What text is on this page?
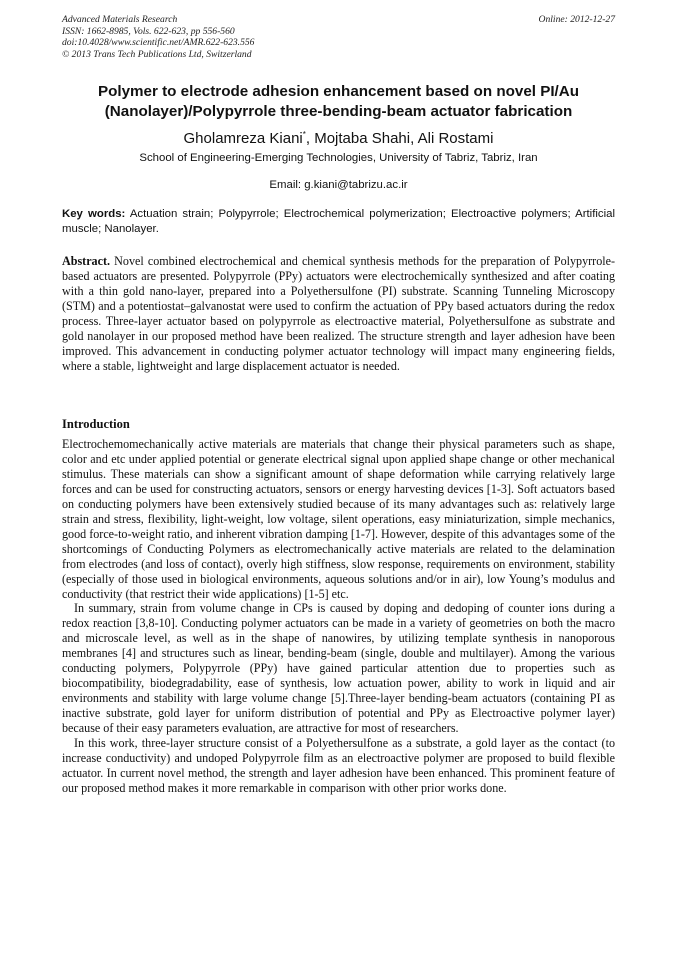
Advanced Materials Research
ISSN: 1662-8985, Vols. 622-623, pp 556-560
doi:10.4028/www.scientific.net/AMR.622-623.556
© 2013 Trans Tech Publications Ltd, Switzerland
Online: 2012-12-27
Polymer to electrode adhesion enhancement based on novel PI/Au
(Nanolayer)/Polypyrrole three-bending-beam actuator fabrication
Gholamreza Kiani*, Mojtaba Shahi, Ali Rostami
School of Engineering-Emerging Technologies, University of Tabriz, Tabriz, Iran
Email: g.kiani@tabrizu.ac.ir
Key words: Actuation strain; Polypyrrole; Electrochemical polymerization; Electroactive polymers; Artificial muscle; Nanolayer.
Abstract. Novel combined electrochemical and chemical synthesis methods for the preparation of Polypyrrole-based actuators are presented. Polypyrrole (PPy) actuators were electrochemically synthesized and after coating with a thin gold nano-layer, prepared into a Polyethersulfone (PI) substrate. Scanning Tunneling Microscopy (STM) and a potentiostat–galvanostat were used to confirm the actuation of PPy based actuators during the redox process. Three-layer actuator based on polypyrrole as electroactive material, Polyethersulfone as substrate and gold nanolayer in our proposed method have been realized. The structure strength and layer adhesion have been improved. This advancement in conducting polymer actuator technology will impact many engineering fields, where a stable, lightweight and large displacement actuator is needed.
Introduction

Electrochemomechanically active materials are materials that change their physical parameters such as shape, color and etc under applied potential or generate electrical signal upon applied shape change or other mechanical stimulus. These materials can show a significant amount of shape deformation while carrying relatively large forces and can be used for constructing actuators, sensors or energy harvesting devices [1-3]. Soft actuators based on conducting polymers have been extensively studied because of its many advantages such as: relatively large strain and stress, flexibility, light-weight, low voltage, silent operations, easy miniaturization, simple mechanics, good force-to-weight ratio, and inherent vibration damping [1-7]. However, despite of this advantages some of the shortcomings of Conducting Polymers as electromechanically active materials are related to the delamination from electrodes (and loss of contact), overly high stiffness, slow response, requirements on environment, stability (especially of those used in biological environments, aqueous solutions and/or in air), low Young’s modulus and conductivity (that restrict their wide applications) [1-5] etc.

In summary, strain from volume change in CPs is caused by doping and dedoping of counter ions during a redox reaction [3,8-10]. Conducting polymer actuators can be made in a variety of geometries on both the macro and microscale level, as well as in the shape of nanowires, by utilizing template synthesis in nanoporous membranes [4] and structures such as linear, bending-beam (single, double and multilayer). Among the various conducting polymers, Polypyrrole (PPy) have gained particular attention due to properties such as biocompatibility, biodegradability, ease of synthesis, low actuation power, ability to work in liquid and air environments and stability with large volume change [5].Three-layer bending-beam actuators (containing PI as inactive substrate, gold layer for uniform distribution of potential and PPy as Electroactive polymer layer) because of their easy parameters evaluation, are attractive for most of researchers.

In this work, three-layer structure consist of a Polyethersulfone as a substrate, a gold layer as the contact (to increase conductivity) and undoped Polypyrrole film as an electroactive polymer are proposed to build flexible actuator. In current novel method, the strength and layer adhesion have been enhanced. This prominent feature of our proposed method makes it more remarkable in comparison with other prior works done.
